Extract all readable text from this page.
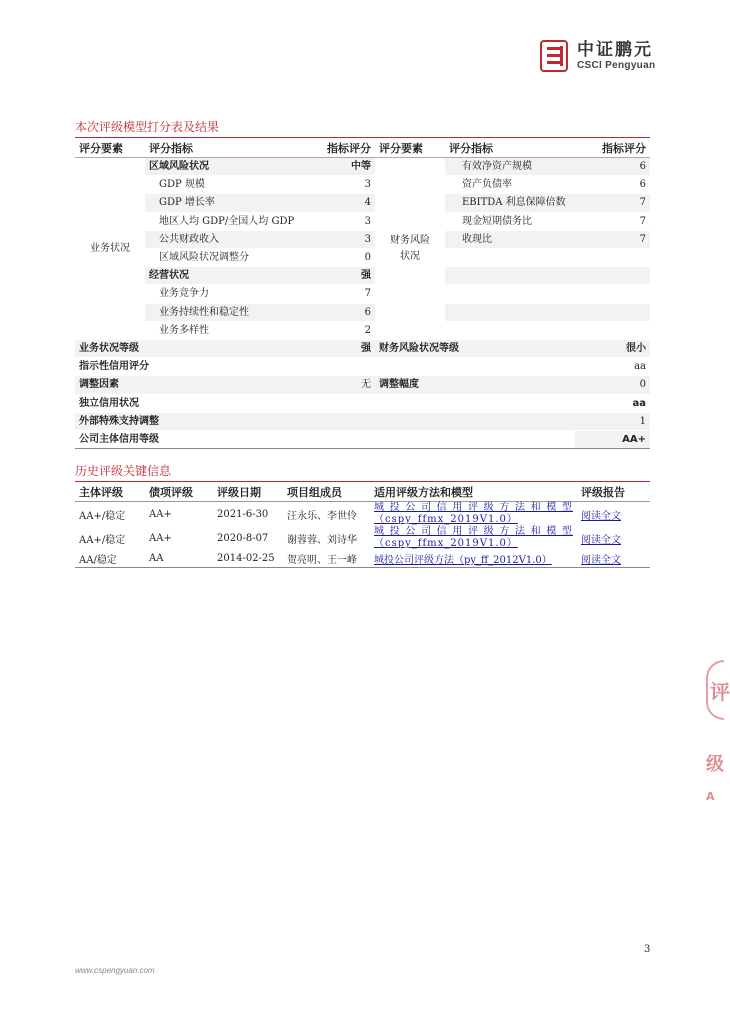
中证鹏元
CSCI Pengyuan
本次评级模型打分表及结果
评分要素	评分指标	指标评分	评分要素	评分指标	指标评分
业务状况	区域风险状况	中等	财务风险状况	有效净资产规模	6
	GDP 规模	3		资产负债率	6
	GDP 增长率	4		EBITDA 利息保障倍数	7
	地区人均 GDP/全国人均 GDP	3		现金短期债务比	7
	公共财政收入	3		收现比	7
	区域风险状况调整分	0			
	经营状况	强			
	业务竞争力	7			
	业务持续性和稳定性	6			
	业务多样性	2			
业务状况等级		强	财务风险状况等级		很小
指示性信用评分					aa
调整因素		无	调整幅度		0
独立信用状况					aa
外部特殊支持调整					1
公司主体信用等级					AA+
历史评级关键信息
主体评级	债项评级	评级日期	项目组成员	适用评级方法和模型	评级报告
AA+/稳定	AA+	2021-6-30	汪永乐、李世伶	城投公司信用评级方法和模型（cspy_ffmx_2019V1.0）	阅读全文
AA+/稳定	AA+	2020-8-07	谢蓉蓉、刘诗华	城投公司信用评级方法和模型（cspy_ffmx_2019V1.0）	阅读全文
AA/稳定	AA	2014-02-25	贺亮明、王一峰	城投公司评级方法（py_ff_2012V1.0）	阅读全文
评
级
A
3
www.cspengyuan.com
